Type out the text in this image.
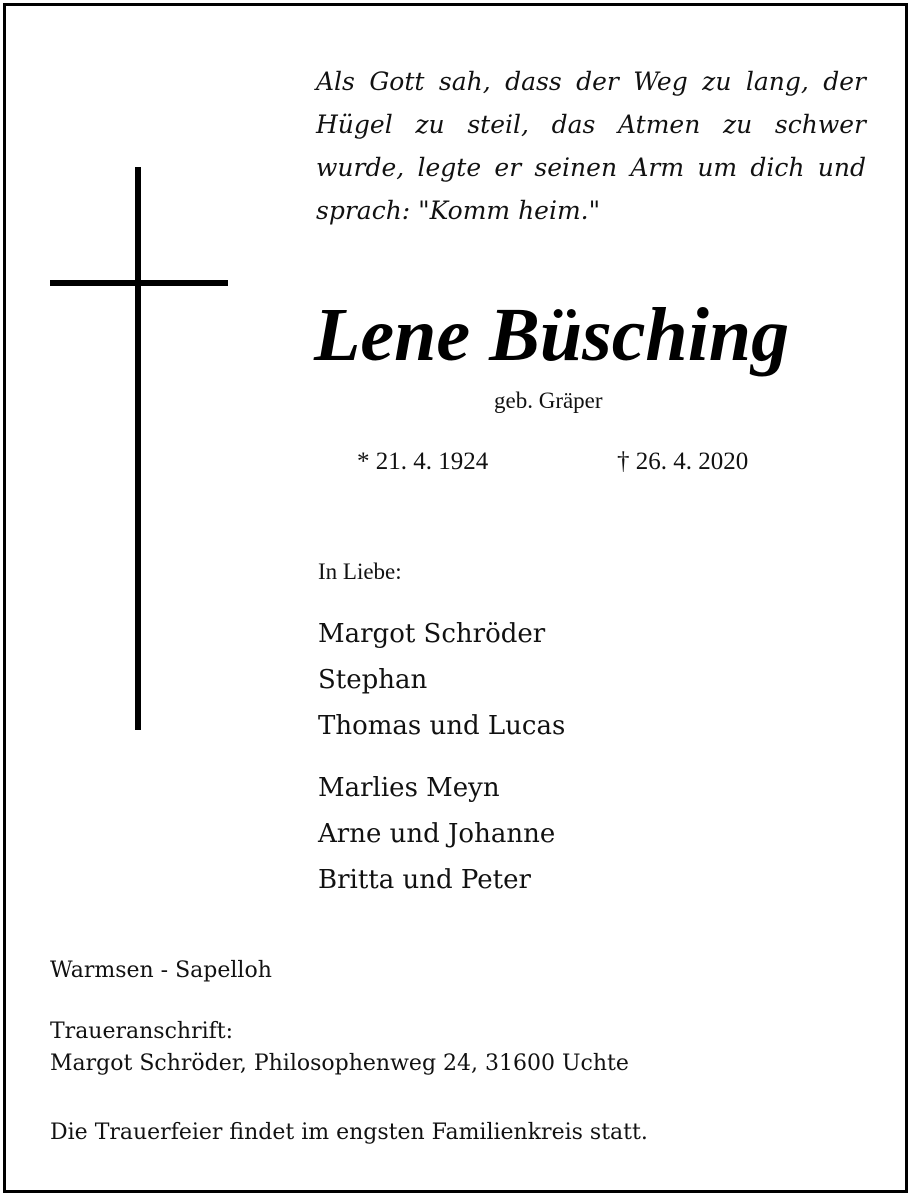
Als Gott sah, dass der Weg zu lang, der Hügel zu steil, das Atmen zu schwer wurde, legte er seinen Arm um dich und sprach: "Komm heim."

Lene Büsching

geb. Gräper

* 21. 4. 1924	† 26. 4. 2020

In Liebe:

Margot Schröder
Stephan
Thomas und Lucas
Marlies Meyn
Arne und Johanne
Britta und Peter

Warmsen - Sapelloh

Traueranschrift:
Margot Schröder, Philosophenweg 24, 31600 Uchte

Die Trauerfeier findet im engsten Familienkreis statt.
